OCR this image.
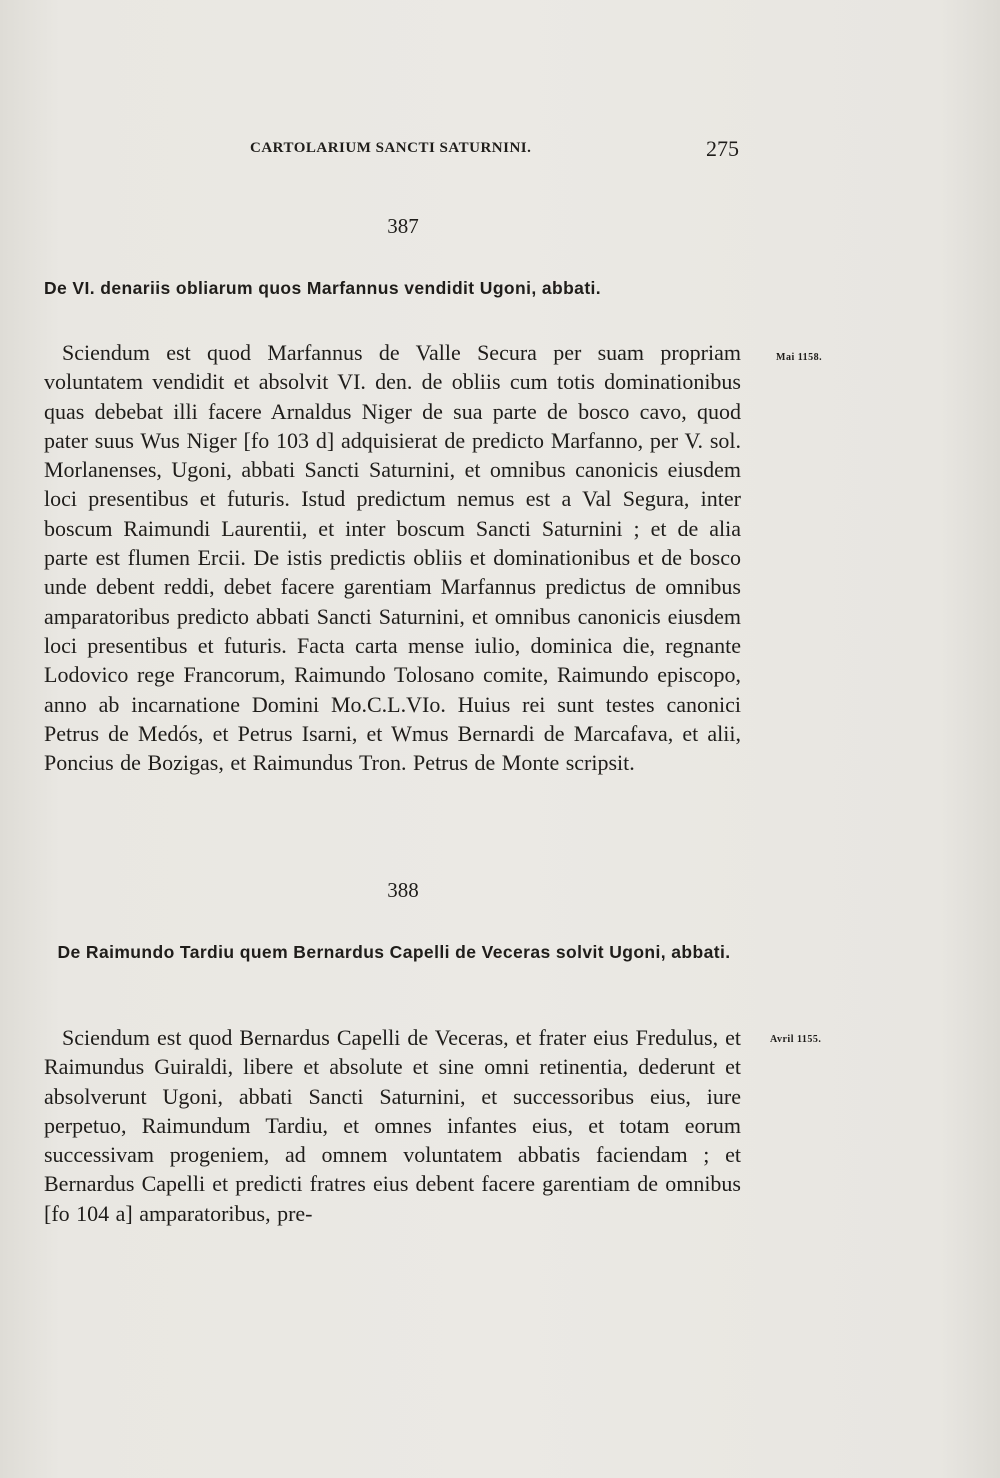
CARTOLARIUM SANCTI SATURNINI.	275
387
De VI. denariis obliarum quos Marfannus vendidit Ugoni, abbati.
Mai 1158.
Sciendum est quod Marfannus de Valle Secura per suam propriam voluntatem vendidit et absolvit VI. den. de obliis cum totis dominationibus quas debebat illi facere Arnaldus Niger de sua parte de bosco cavo, quod pater suus Wus Niger [fo 103 d] adquisierat de predicto Marfanno, per V. sol. Morlanenses, Ugoni, abbati Sancti Saturnini, et omnibus canonicis eiusdem loci presentibus et futuris. Istud predictum nemus est a Val Segura, inter boscum Raimundi Laurentii, et inter boscum Sancti Saturnini ; et de alia parte est flumen Ercii. De istis predictis obliis et dominationibus et de bosco unde debent reddi, debet facere garentiam Marfannus predictus de omnibus amparatoribus predicto abbati Sancti Saturnini, et omnibus canonicis eiusdem loci presentibus et futuris. Facta carta mense iulio, dominica die, regnante Lodovico rege Francorum, Raimundo Tolosano comite, Raimundo episcopo, anno ab incarnatione Domini Mo.C.L.VIo. Huius rei sunt testes canonici Petrus de Medós, et Petrus Isarni, et Wmus Bernardi de Marcafava, et alii, Poncius de Bozigas, et Raimundus Tron. Petrus de Monte scripsit.
388
De Raimundo Tardiu quem Bernardus Capelli de Veceras solvit Ugoni, abbati.
Avril 1155.
Sciendum est quod Bernardus Capelli de Veceras, et frater eius Fredulus, et Raimundus Guiraldi, libere et absolute et sine omni retinentia, dederunt et absolverunt Ugoni, abbati Sancti Saturnini, et successoribus eius, iure perpetuo, Raimundum Tardiu, et omnes infantes eius, et totam eorum successivam progeniem, ad omnem voluntatem abbatis faciendam ; et Bernardus Capelli et predicti fratres eius debent facere garentiam de omnibus [fo 104 a] amparatoribus, pre-
